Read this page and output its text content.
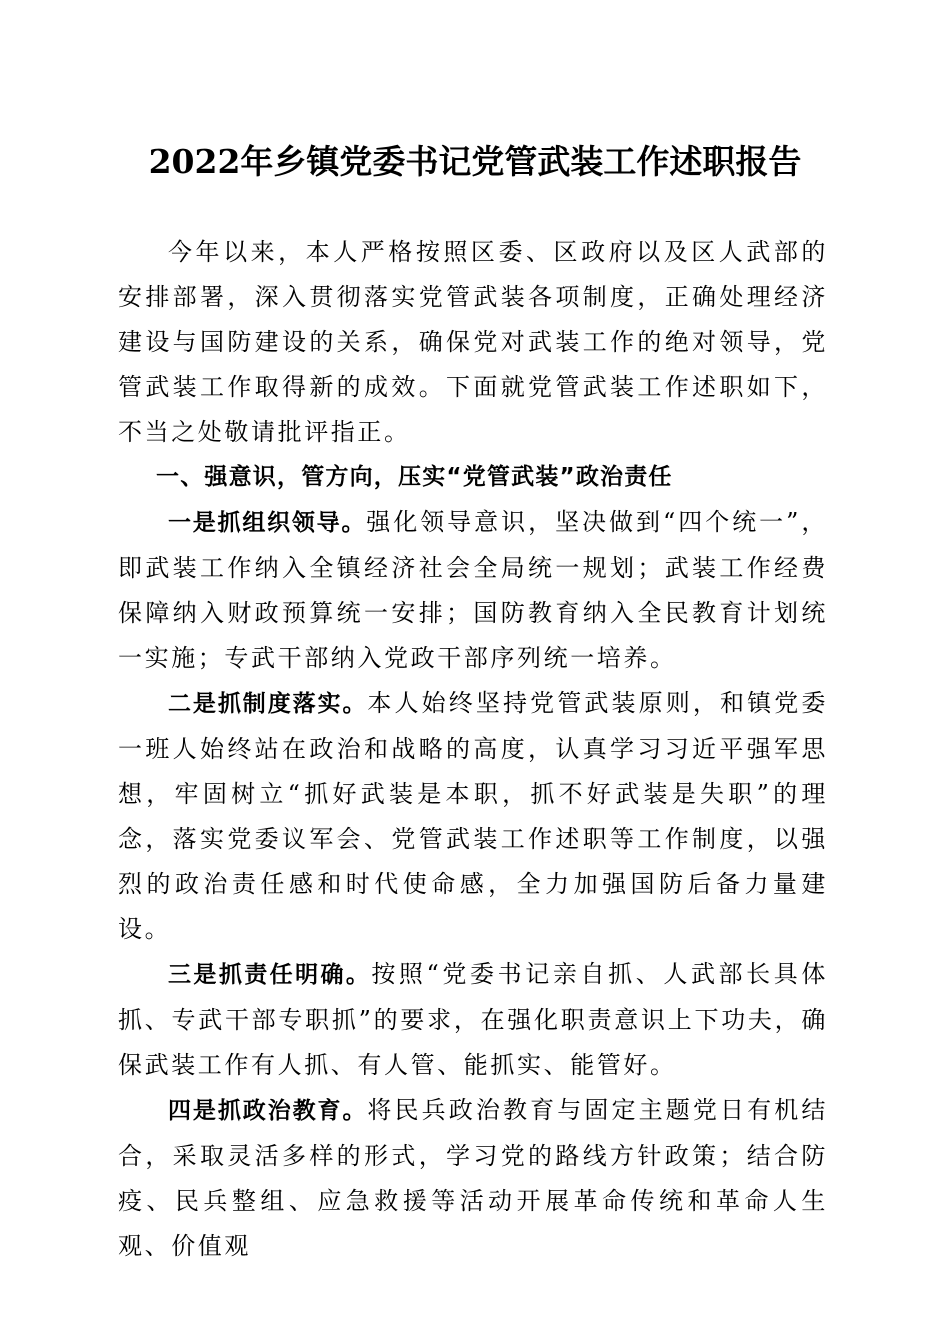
2022年乡镇党委书记党管武装工作述职报告

今年以来，本人严格按照区委、区政府以及区人武部的安排部署，深入贯彻落实党管武装各项制度，正确处理经济建设与国防建设的关系，确保党对武装工作的绝对领导，党管武装工作取得新的成效。下面就党管武装工作述职如下，不当之处敬请批评指正。

一、强意识，管方向，压实“党管武装”政治责任

一是抓组织领导。强化领导意识，坚决做到“四个统一”，即武装工作纳入全镇经济社会全局统一规划；武装工作经费保障纳入财政预算统一安排；国防教育纳入全民教育计划统一实施；专武干部纳入党政干部序列统一培养。

二是抓制度落实。本人始终坚持党管武装原则，和镇党委一班人始终站在政治和战略的高度，认真学习习近平强军思想，牢固树立“抓好武装是本职，抓不好武装是失职”的理念，落实党委议军会、党管武装工作述职等工作制度，以强烈的政治责任感和时代使命感，全力加强国防后备力量建设。

三是抓责任明确。按照“党委书记亲自抓、人武部长具体抓、专武干部专职抓”的要求，在强化职责意识上下功夫，确保武装工作有人抓、有人管、能抓实、能管好。

四是抓政治教育。将民兵政治教育与固定主题党日有机结合，采取灵活多样的形式，学习党的路线方针政策；结合防疫、民兵整组、应急救援等活动开展革命传统和革命人生观、价值观
